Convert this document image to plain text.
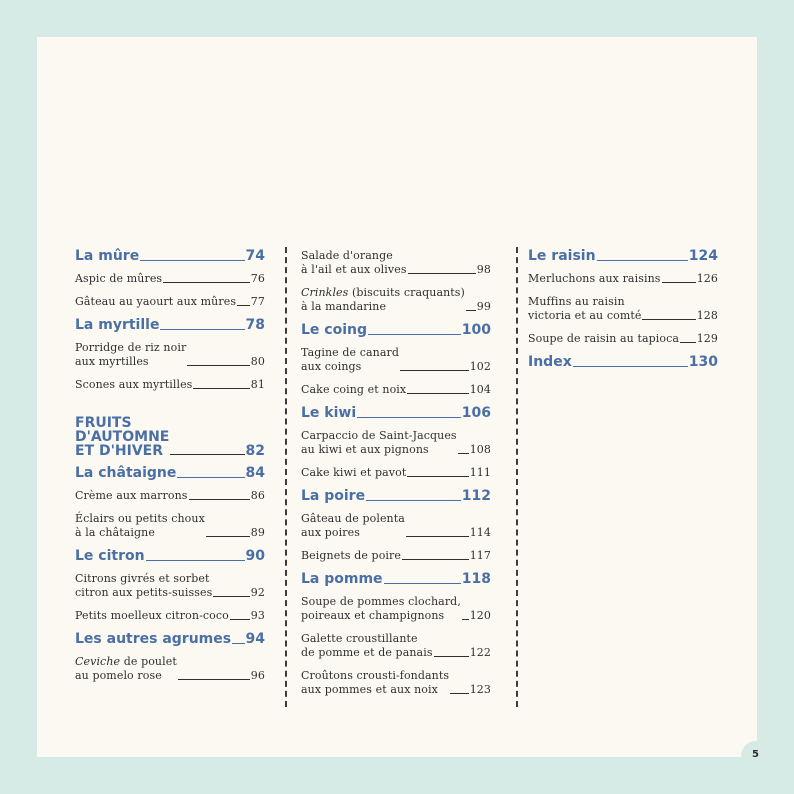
La mûre	74
Aspic de mûres	76
Gâteau au yaourt aux mûres 77
La myrtille	78
Porridge de riz noir
aux myrtilles	80
Scones aux myrtilles	81
FRUITS
D'AUTOMNE
ET D'HIVER	82
La châtaigne	84
Crème aux marrons	86
Éclairs ou petits choux
à la châtaigne	89
Le citron	90
Citrons givrés et sorbet
citron aux petits-suisses	92
Petits moelleux citron-coco 93
Les autres agrumes 94
Ceviche de poulet
au pomelo rose	96
Salade d'orange
à l'ail et aux olives	98
Crinkles (biscuits craquants)
à la mandarine	99
Le coing	100
Tagine de canard
aux coings	102
Cake coing et noix	104
Le kiwi	106
Carpaccio de Saint-Jacques
au kiwi et aux pignons	108
Cake kiwi et pavot	111
La poire	112
Gâteau de polenta
aux poires	114
Beignets de poire	117
La pomme	118
Soupe de pommes clochard,
poireaux et champignons	120
Galette croustillante
de pomme et de panais	122
Croûtons crousti-fondants
aux pommes et aux noix	123
Le raisin	124
Merluchons aux raisins	126
Muffins au raisin
victoria et au comté	128
Soupe de raisin au tapioca 129
Index	130
5
